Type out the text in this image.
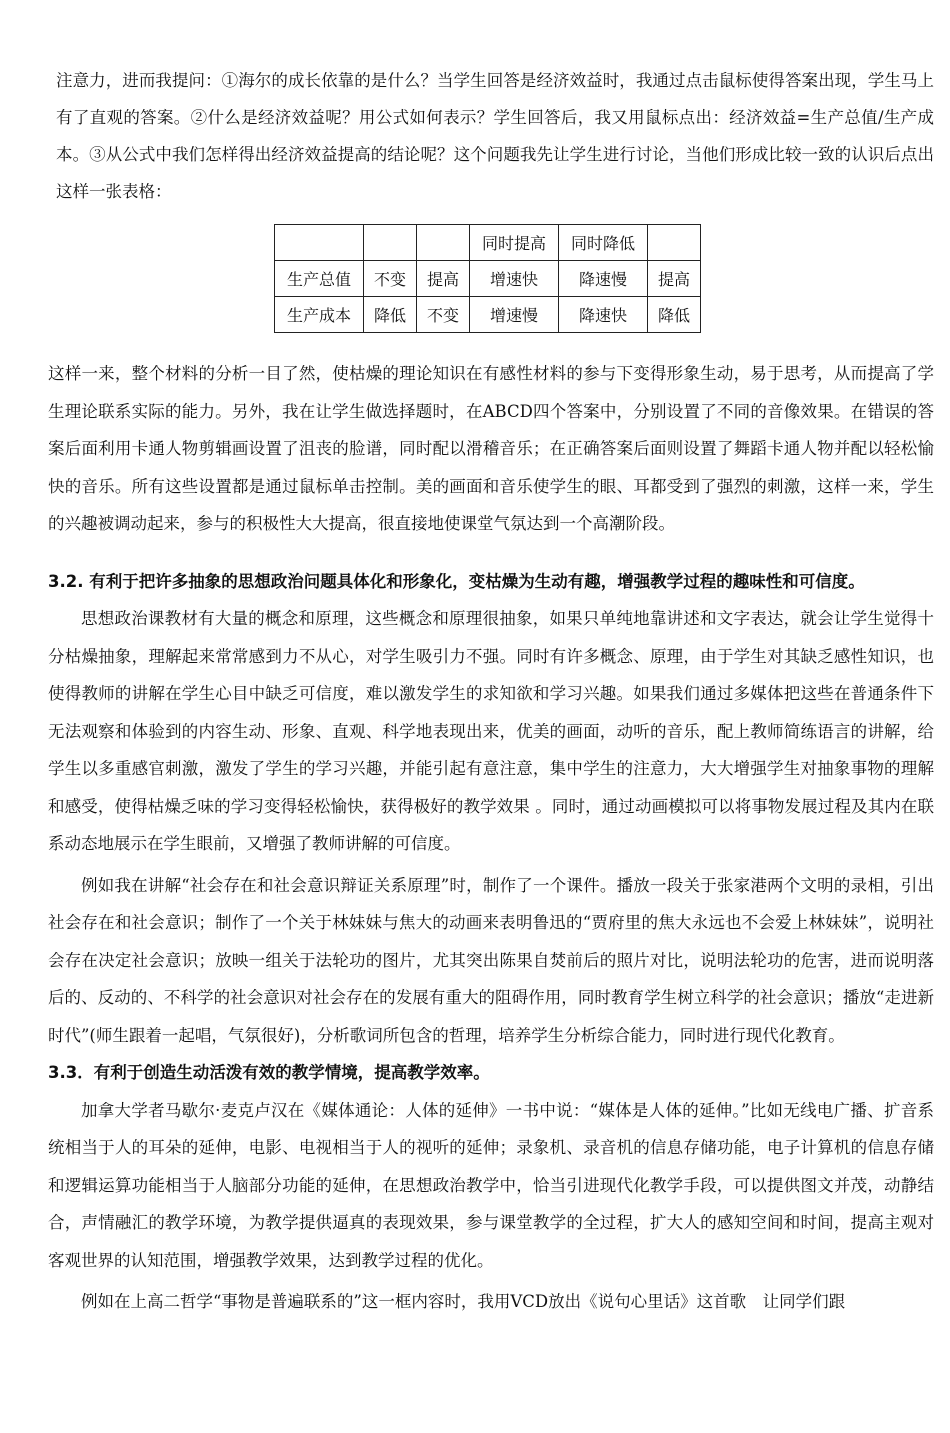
注意力，进而我提问：①海尔的成长依靠的是什么？当学生回答是经济效益时，我通过点击鼠标使得答案出现，学生马上有了直观的答案。②什么是经济效益呢？用公式如何表示？学生回答后，我又用鼠标点出：经济效益=生产总值/生产成本。③从公式中我们怎样得出经济效益提高的结论呢？这个问题我先让学生进行讨论，当他们形成比较一致的认识后点出这样一张表格：

			同时提高	同时降低	
生产总值	不变	提高	增速快	降速慢	提高
生产成本	降低	不变	增速慢	降速快	降低

这样一来，整个材料的分析一目了然，使枯燥的理论知识在有感性材料的参与下变得形象生动，易于思考，从而提高了学生理论联系实际的能力。另外，我在让学生做选择题时，在ABCD四个答案中，分别设置了不同的音像效果。在错误的答案后面利用卡通人物剪辑画设置了沮丧的脸谱，同时配以滑稽音乐；在正确答案后面则设置了舞蹈卡通人物并配以轻松愉快的音乐。所有这些设置都是通过鼠标单击控制。美的画面和音乐使学生的眼、耳都受到了强烈的刺激，这样一来，学生的兴趣被调动起来，参与的积极性大大提高，很直接地使课堂气氛达到一个高潮阶段。

3.2. 有利于把许多抽象的思想政治问题具体化和形象化，变枯燥为生动有趣，增强教学过程的趣味性和可信度。

思想政治课教材有大量的概念和原理，这些概念和原理很抽象，如果只单纯地靠讲述和文字表达，就会让学生觉得十分枯燥抽象，理解起来常常感到力不从心，对学生吸引力不强。同时有许多概念、原理，由于学生对其缺乏感性知识，也使得教师的讲解在学生心目中缺乏可信度，难以激发学生的求知欲和学习兴趣。如果我们通过多媒体把这些在普通条件下无法观察和体验到的内容生动、形象、直观、科学地表现出来，优美的画面，动听的音乐，配上教师简练语言的讲解，给学生以多重感官刺激，激发了学生的学习兴趣，并能引起有意注意，集中学生的注意力，大大增强学生对抽象事物的理解和感受，使得枯燥乏味的学习变得轻松愉快，获得极好的教学效果 。同时，通过动画模拟可以将事物发展过程及其内在联系动态地展示在学生眼前，又增强了教师讲解的可信度。

例如我在讲解“社会存在和社会意识辩证关系原理”时，制作了一个课件。播放一段关于张家港两个文明的录相，引出社会存在和社会意识；制作了一个关于林妹妹与焦大的动画来表明鲁迅的“贾府里的焦大永远也不会爱上林妹妹”，说明社会存在决定社会意识；放映一组关于法轮功的图片，尤其突出陈果自焚前后的照片对比，说明法轮功的危害，进而说明落后的、反动的、不科学的社会意识对社会存在的发展有重大的阻碍作用，同时教育学生树立科学的社会意识；播放“走进新时代”(师生跟着一起唱，气氛很好)，分析歌词所包含的哲理，培养学生分析综合能力，同时进行现代化教育。

3.3．有利于创造生动活泼有效的教学情境，提高教学效率。

加拿大学者马歇尔·麦克卢汉在《媒体通论：人体的延伸》一书中说：“媒体是人体的延伸。”比如无线电广播、扩音系统相当于人的耳朵的延伸，电影、电视相当于人的视听的延伸；录象机、录音机的信息存储功能，电子计算机的信息存储和逻辑运算功能相当于人脑部分功能的延伸，在思想政治教学中，恰当引进现代化教学手段，可以提供图文并茂，动静结合，声情融汇的教学环境，为教学提供逼真的表现效果，参与课堂教学的全过程，扩大人的感知空间和时间，提高主观对客观世界的认知范围，增强教学效果，达到教学过程的优化。

例如在上高二哲学“事物是普遍联系的”这一框内容时，我用VCD放出《说句心里话》这首歌　让同学们跟
